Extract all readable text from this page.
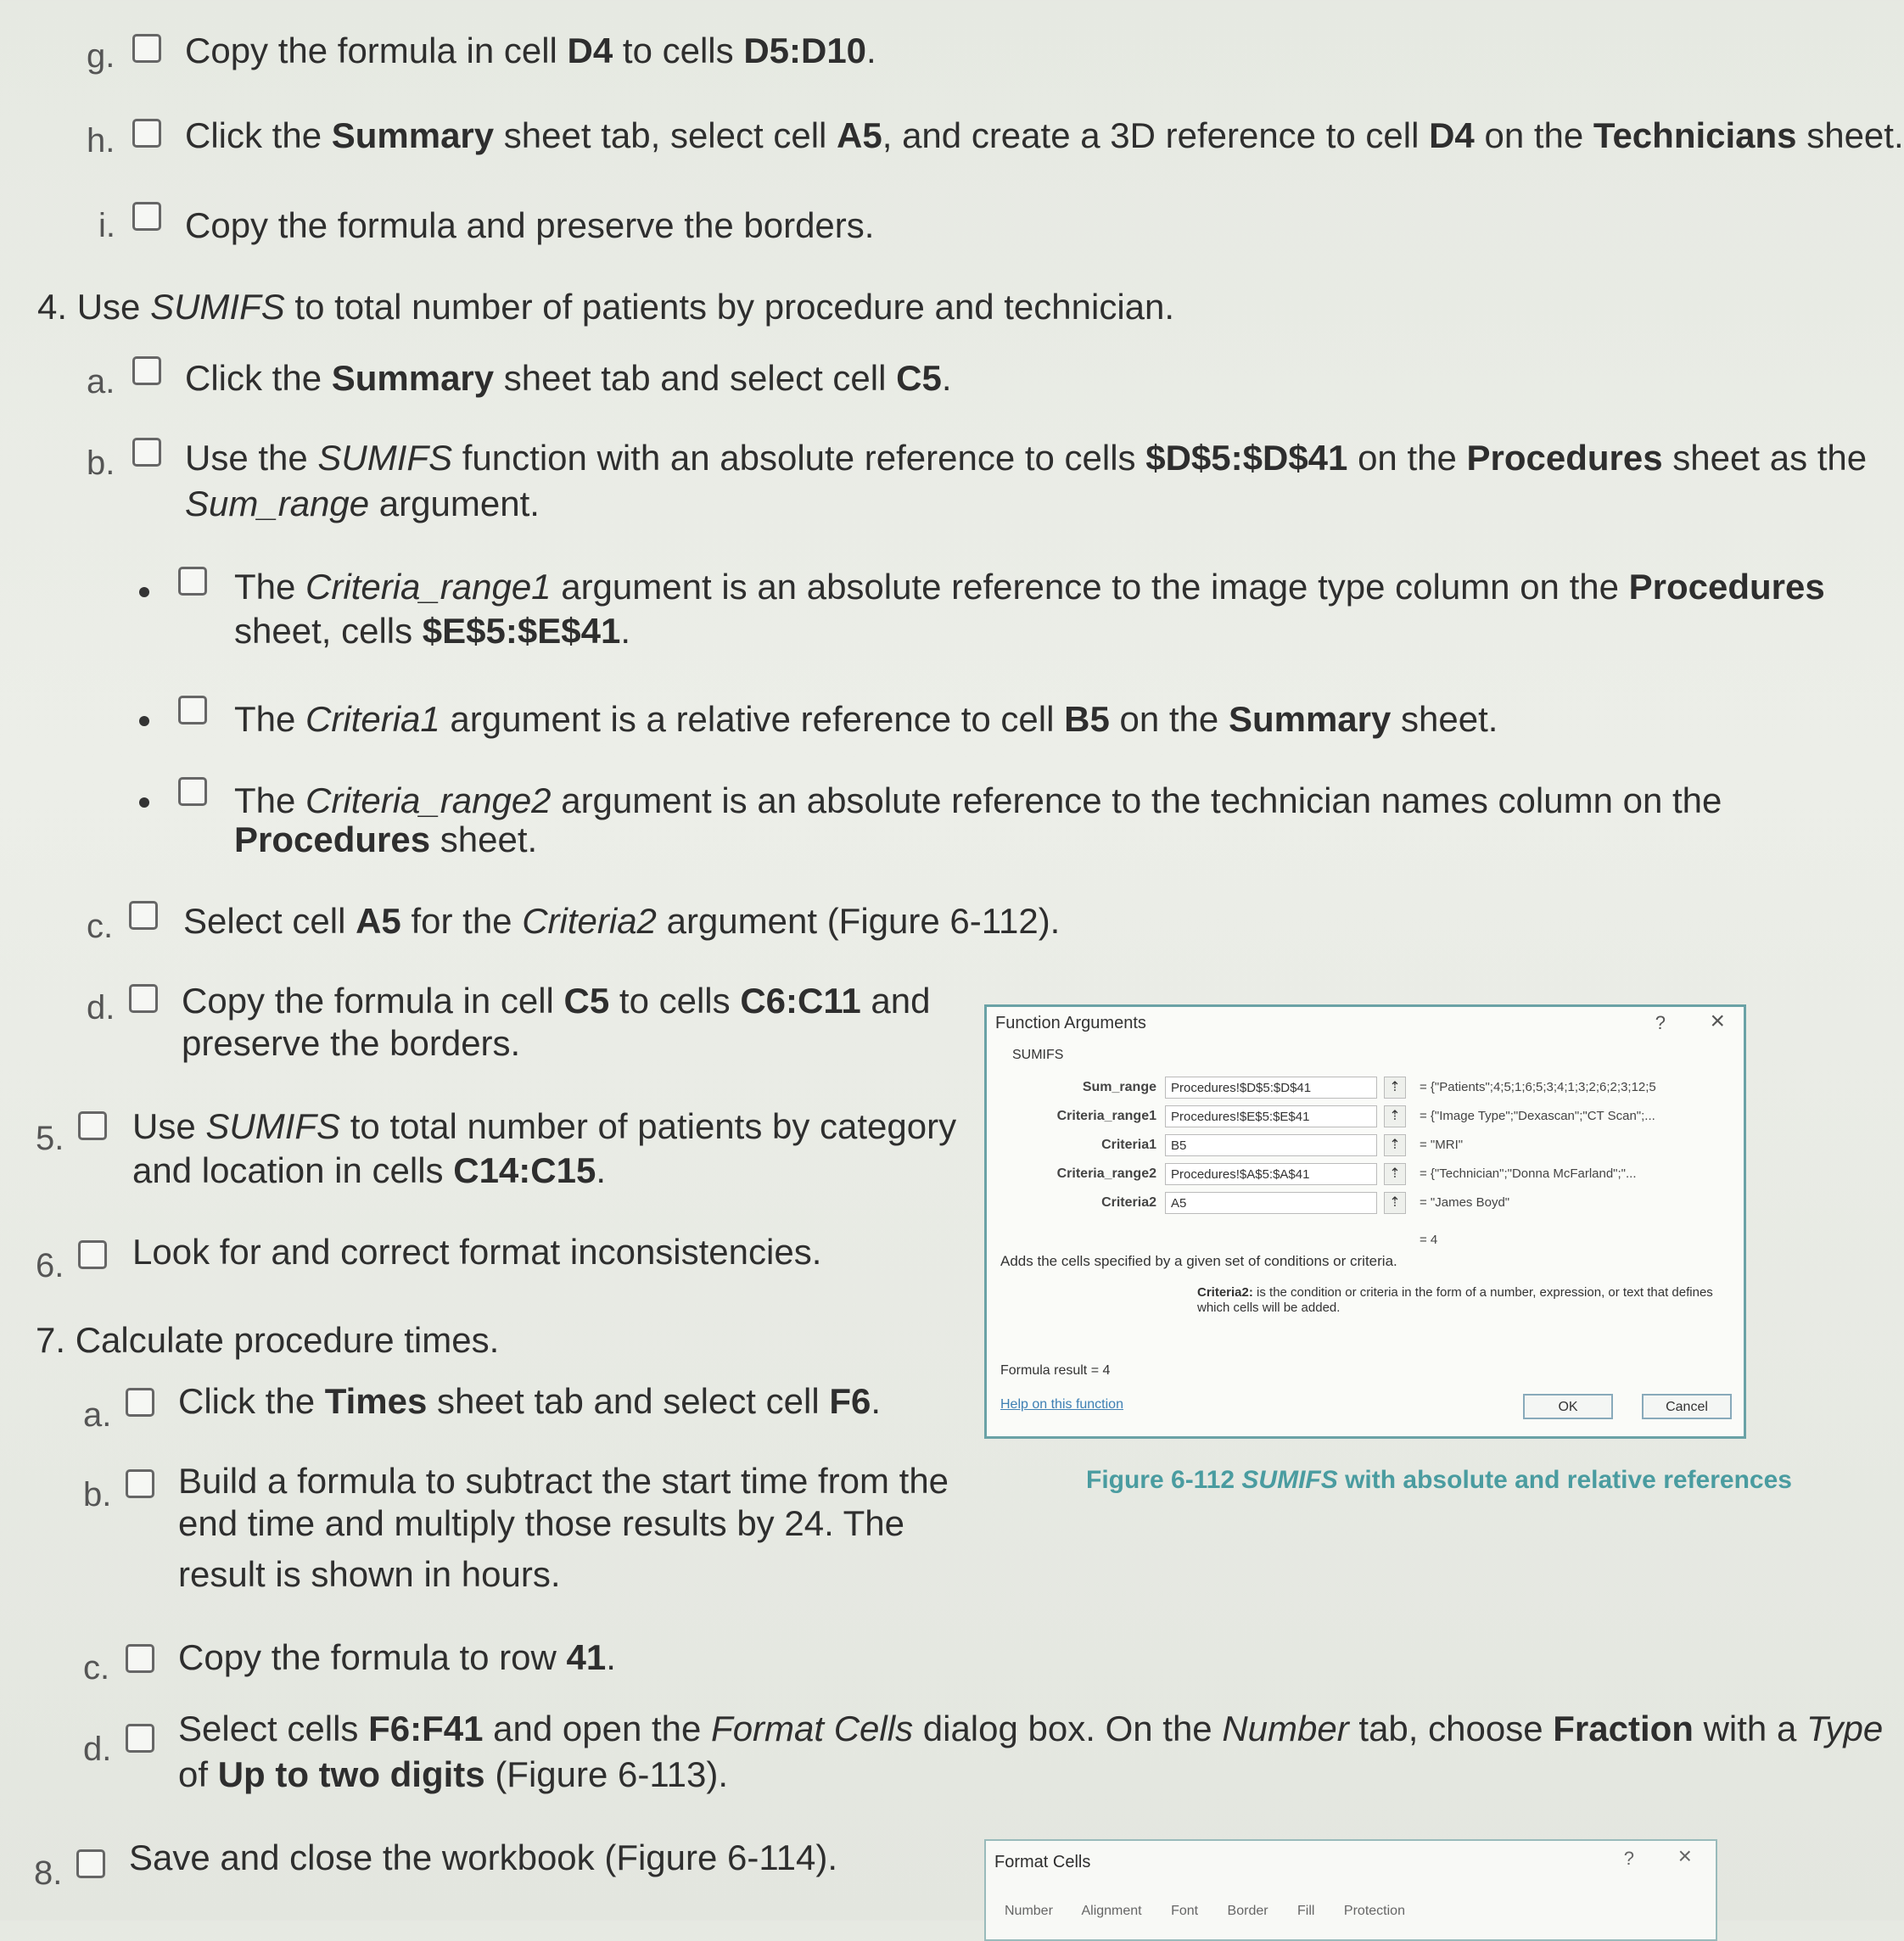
g. Copy the formula in cell D4 to cells D5:D10.
h. Click the Summary sheet tab, select cell A5, and create a 3D reference to cell D4 on the Technicians sheet.
i. Copy the formula and preserve the borders.
4. Use SUMIFS to total number of patients by procedure and technician.
a. Click the Summary sheet tab and select cell C5.
b. Use the SUMIFS function with an absolute reference to cells $D$5:$D$41 on the Procedures sheet as the
Sum_range argument.
The Criteria_range1 argument is an absolute reference to the image type column on the Procedures
sheet, cells $E$5:$E$41.
The Criteria1 argument is a relative reference to cell B5 on the Summary sheet.
The Criteria_range2 argument is an absolute reference to the technician names column on the
Procedures sheet.
c. Select cell A5 for the Criteria2 argument (Figure 6-112).
d. Copy the formula in cell C5 to cells C6:C11 and
preserve the borders.
5. Use SUMIFS to total number of patients by category
and location in cells C14:C15.
6. Look for and correct format inconsistencies.
7. Calculate procedure times.
a. Click the Times sheet tab and select cell F6.
b. Build a formula to subtract the start time from the
end time and multiply those results by 24. The
result is shown in hours.
c. Copy the formula to row 41.
d.
Select cells F6:F41 and open the Format Cells dialog box. On the Number tab, choose Fraction with a Type
of Up to two digits (Figure 6-113).
8. Save and close the workbook (Figure 6-114).
Function Arguments	? ×
SUMIFS
Sum_range	Procedures!$D$5:$D$41	⇡	= {"Patients";4;5;1;6;5;3;4;1;3;2;6;2;3;12;5
Criteria_range1	Procedures!$E$5:$E$41	⇡	= {"Image Type";"Dexascan";"CT Scan";...
Criteria1	B5	⇡	= "MRI"
Criteria_range2	Procedures!$A$5:$A$41	⇡	= {"Technician";"Donna McFarland";"...
Criteria2	A5	⇡	= "James Boyd"
= 4
Adds the cells specified by a given set of conditions or criteria.
Criteria2: is the condition or criteria in the form of a number, expression, or text that defines which cells will be added.
Formula result = 4
Help on this function	OK	Cancel
Figure 6-112 SUMIFS with absolute and relative references
Format Cells	? ×
Number Alignment Font Border Fill Protection
